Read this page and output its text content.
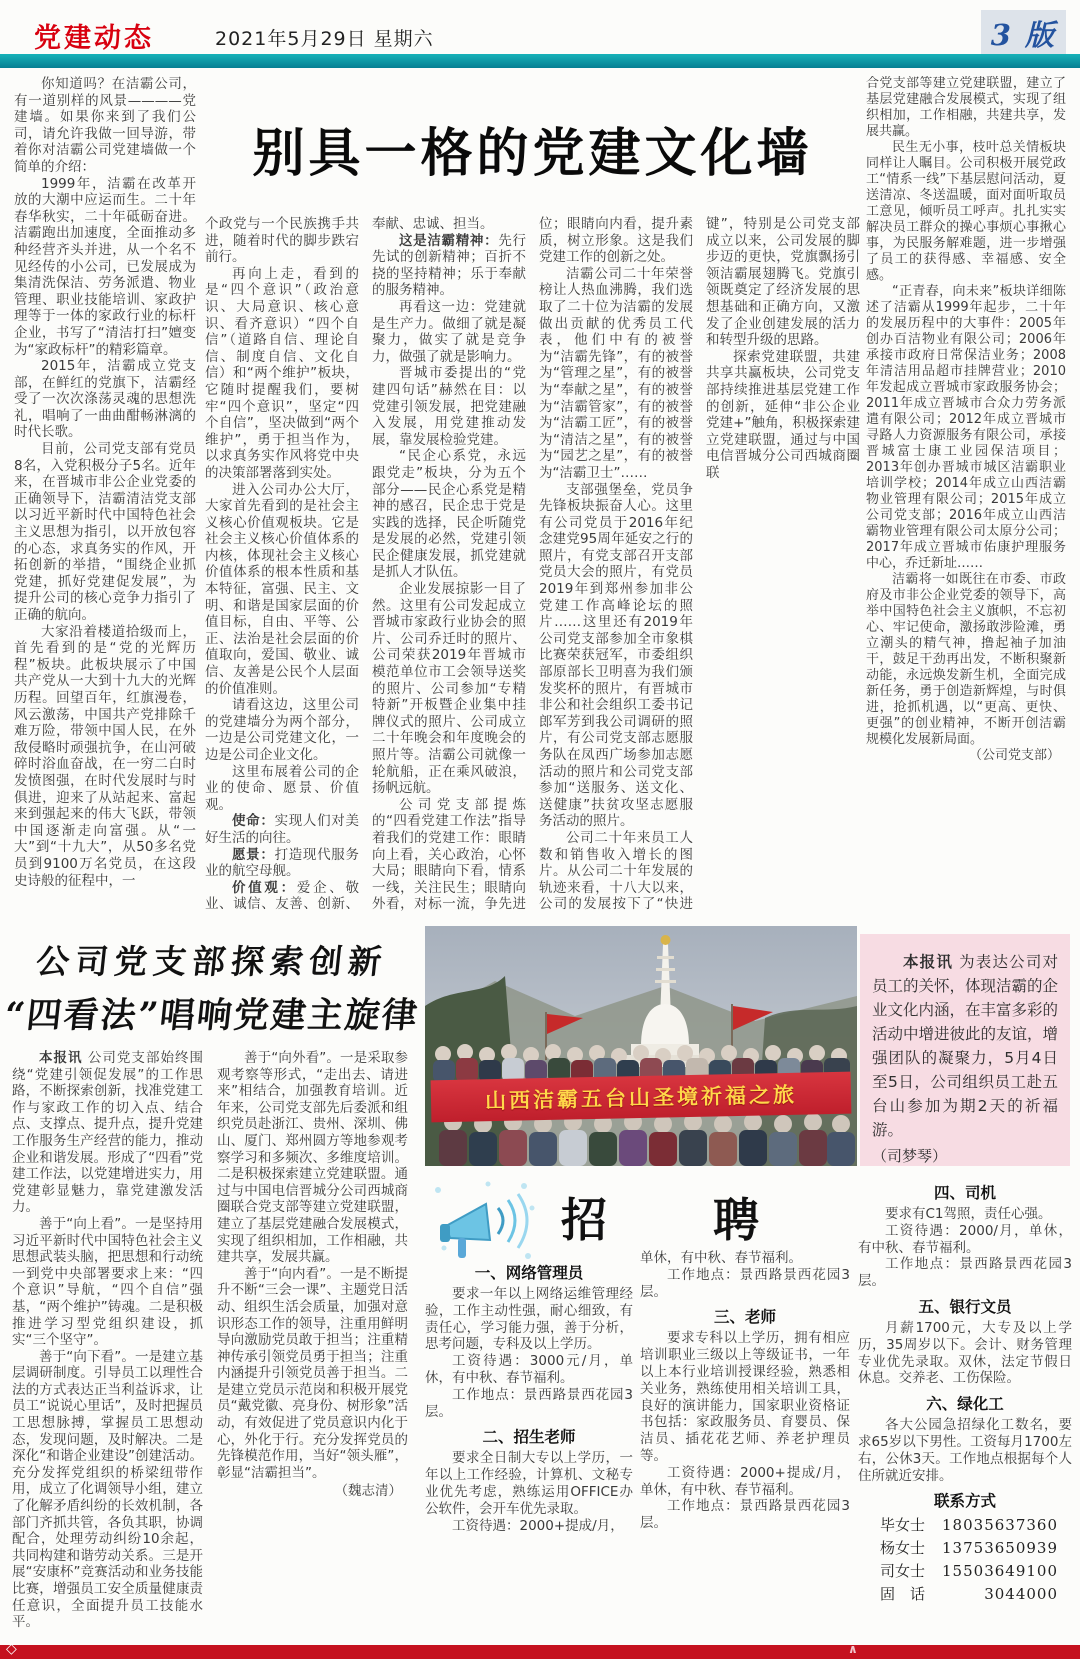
党建动态	2021年5月29日 星期六	3 版

你知道吗？在洁霸公司，有一道别样的风景————党建墙。如果你来到了我们公司，请允许我做一回导游，带着你对洁霸公司党建墙做一个简单的介绍：

1999年，洁霸在改革开放的大潮中应运而生。二十年春华秋实，二十年砥砺奋进。洁霸跑出加速度，全面推动多种经营齐头并进，从一个名不见经传的小公司，已发展成为集清洗保洁、劳务派遣、物业管理、职业技能培训、家政护理等于一体的家政行业的标杆企业，书写了“清洁打扫”嬗变为“家政标杆”的精彩篇章。

2015年，洁霸成立党支部，在鲜红的党旗下，洁霸经受了一次次涤荡灵魂的思想洗礼，唱响了一曲曲酣畅淋漓的时代长歌。

目前，公司党支部有党员8名，入党积极分子5名。近年来，在晋城市非公企业党委的正确领导下，洁霸清洁党支部以习近平新时代中国特色社会主义思想为指引，以开放包容的心态，求真务实的作风，开拓创新的举措，“围绕企业抓党建，抓好党建促发展”，为提升公司的核心竞争力指引了正确的航向。

大家沿着楼道拾级而上，首先看到的是“党的光辉历程”板块。此板块展示了中国共产党从一大到十九大的光辉历程。回望百年，红旗漫卷，风云激荡，中国共产党排除千难万险，带领中国人民，在外敌侵略时顽强抗争，在山河破碎时浴血奋战，在一穷二白时发愤图强，在时代发展时与时俱进，迎来了从站起来、富起来到强起来的伟大飞跃，带领中国逐渐走向富强。从“一大”到“十九大”，从50多名党员到9100万名党员，在这段史诗般的征程中，一

别具一格的党建文化墙

个政党与一个民族携手共进，随着时代的脚步跌宕前行。

再向上走，看到的是“四个意识”（政治意识、大局意识、核心意识、看齐意识）“四个自信”（道路自信、理论自信、制度自信、文化自信）和“两个维护”板块，它随时提醒我们，要树牢“四个意识”，坚定“四个自信”，坚决做到“两个维护”，勇于担当作为，以求真务实作风将党中央的决策部署落到实处。

进入公司办公大厅，大家首先看到的是社会主义核心价值观板块。它是社会主义核心价值体系的内核，体现社会主义核心价值体系的根本性质和基本特征，富强、民主、文明、和谐是国家层面的价值目标，自由、平等、公正、法治是社会层面的价值取向，爱国、敬业、诚信、友善是公民个人层面的价值准则。

请看这边，这里公司的党建墙分为两个部分，一边是公司党建文化，一边是公司企业文化。

这里布展着公司的企业的使命、愿景、价值观。

使命：实现人们对美好生活的向往。

愿景：打造现代服务业的航空母舰。

价值观：爱企、敬业、诚信、友善、创新、奉献、忠诚、担当。

这是洁霸精神：先行先试的创新精神；百折不挠的坚持精神；乐于奉献的服务精神。

再看这一边：党建就是生产力。做细了就是凝聚力，做实了就是竞争力，做强了就是影响力。

晋城市委提出的“党建四句话”赫然在目：以党建引领发展，把党建融入发展，用党建推动发展，靠发展检验党建。

“民企心系党，永远跟党走”板块，分为五个部分——民企心系党是精神的感召，民企忠于党是实践的选择，民企听随党是发展的必然，党建引领民企健康发展，抓党建就是抓人才队伍。

企业发展掠影一目了然。这里有公司发起成立晋城市家政行业协会的照片、公司乔迁时的照片、公司荣获2019年晋城市模范单位市工会领导送奖的照片、公司参加“专精特新”开板暨企业集中挂牌仪式的照片、公司成立二十年晚会和年度晚会的照片等。洁霸公司就像一轮航船，正在乘风破浪，扬帆远航。

公司党支部提炼的“四看党建工作法”指导着我们的党建工作：眼睛向上看，关心政治，心怀大局；眼睛向下看，情系一线，关注民生；眼睛向外看，对标一流，争先进位；眼睛向内看，提升素质，树立形象。这是我们党建工作的创新之处。

洁霸公司二十年荣誉榜让人热血沸腾，我们选取了二十位为洁霸的发展做出贡献的优秀员工代表，他们中有的被誉为“洁霸先锋”，有的被誉为“管理之星”，有的被誉为“奉献之星”，有的被誉为“洁霸管家”，有的被誉为“洁霸工匠”，有的被誉为“清洁之星”，有的被誉为“园艺之星”，有的被誉为“洁霸卫士”……

支部强堡垒，党员争先锋板块振奋人心。这里有公司党员于2016年纪念建党95周年延安之行的照片，有党支部召开支部党员大会的照片，有党员2019年到郑州参加非公党建工作高峰论坛的照片……这里还有2019年公司党支部参加全市象棋比赛荣获冠军，市委组织部原部长卫明喜为我们颁发奖杯的照片，有晋城市非公和社会组织工委书记郎军芳到我公司调研的照片，有公司党支部志愿服务队在凤西广场参加志愿活动的照片和公司党支部参加“送服务、送文化、送健康”扶贫攻坚志愿服务活动的照片。

公司二十年来员工人数和销售收入增长的图片。从公司二十年发展的轨迹来看，十八大以来，公司的发展按下了“快进键”，特别是公司党支部成立以来，公司发展的脚步迈的更快，党旗飘扬引领洁霸展翅腾飞。党旗引领既奠定了经济发展的思想基础和正确方向，又激发了企业创建发展的活力和转型升级的思路。

探索党建联盟，共建共享共赢板块，公司党支部持续推进基层党建工作的创新，延伸“非公企业党建+”触角，积极探索建立党建联盟，通过与中国电信晋城分公司西城商圈联

合党支部等建立党建联盟，建立了基层党建融合发展模式，实现了组织相加，工作相融，共建共享，发展共赢。

民生无小事，枝叶总关情板块同样让人瞩目。公司积极开展党政工“情系一线”下基层慰问活动，夏送清凉、冬送温暖，面对面听取员工意见，倾听员工呼声。扎扎实实解决员工群众的操心事烦心事揪心事，为民服务解难题，进一步增强了员工的获得感、幸福感、安全感。

“正青春，向未来”板块详细陈述了洁霸从1999年起步，二十年的发展历程中的大事件：2005年创办百洁物业有限公司；2006年承接市政府日常保洁业务；2008年清洁用品超市挂牌营业；2010年发起成立晋城市家政服务协会；2011年成立晋城市合众力劳务派遣有限公司；2012年成立晋城市寻路人力资源服务有限公司，承接晋城富士康工业园保洁项目；2013年创办晋城市城区洁霸职业培训学校；2014年成立山西洁霸物业管理有限公司；2015年成立公司党支部；2016年成立山西洁霸物业管理有限公司太原分公司；2017年成立晋城市佑康护理服务中心，乔迁新址……

洁霸将一如既往在市委、市政府及市非公企业党委的领导下，高举中国特色社会主义旗帜，不忘初心、牢记使命，激扬敢涉险滩，勇立潮头的精气神，撸起袖子加油干，鼓足干劲再出发，不断积聚新动能，永远焕发新生机，全面完成新任务，勇于创造新辉煌，与时俱进，抢抓机遇，以“更高、更快、更强”的创业精神，不断开创洁霸规模化发展新局面。

（公司党支部）

公司党支部探索创新
“四看法”唱响党建主旋律

本报讯 公司党支部始终围绕“党建引领促发展”的工作思路，不断探索创新，找准党建工作与家政工作的切入点、结合点、支撑点、提升点，提升党建工作服务生产经营的能力，推动企业和谐发展。形成了“四看”党建工作法，以党建增进实力，用党建彰显魅力，靠党建激发活力。

善于“向上看”。一是坚持用习近平新时代中国特色社会主义思想武装头脑，把思想和行动统一到党中央部署要求上来：“四个意识”导航，“四个自信”强基，“两个维护”铸魂。二是积极推进学习型党组织建设，抓实“三个坚守”。

善于“向下看”。一是建立基层调研制度。引导员工以理性合法的方式表达正当利益诉求，让员工“说说心里话”，及时把握员工思想脉搏，掌握员工思想动态，发现问题，及时解决。二是深化“和谐企业建设”创建活动。充分发挥党组织的桥梁纽带作用，成立了化调领导小组，建立了化解矛盾纠纷的长效机制，各部门齐抓共管，各负其职，协调配合，处理劳动纠纷10余起，共同构建和谐劳动关系。三是开展“安康杯”竞赛活动和业务技能比赛，增强员工安全质量健康责任意识，全面提升员工技能水平。

善于“向外看”。一是采取参观考察等形式，“走出去、请进来”相结合，加强教育培训。近年来，公司党支部先后委派和组织党员赴浙江、贵州、深圳、佛山、厦门、郑州圆方等地参观考察学习和多频次、多维度培训。二是积极探索建立党建联盟。通过与中国电信晋城分公司西城商圈联合党支部等建立党建联盟，建立了基层党建融合发展模式，实现了组织相加，工作相融，共建共享，发展共赢。

善于“向内看”。一是不断提升不断“三会一课”、主题党日活动、组织生活会质量，加强对意识形态工作的领导，注重用鲜明导向激励党员敢于担当；注重精神传承引领党员勇于担当；注重内涵提升引领党员善于担当。二是建立党员示范岗和积极开展党员“戴党徽、亮身份、树形象”活动，有效促进了党员意识内化于心，外化于行。充分发挥党员的先锋模范作用，当好“领头雁”，彰显“洁霸担当”。

（魏志清）

山西洁霸五台山圣境祈福之旅

本报讯 为表达公司对员工的关怀，体现洁霸的企业文化内涵，在丰富多彩的活动中增进彼此的友谊，增强团队的凝聚力，5月4日至5日，公司组织员工赴五台山参加为期2天的祈福游。

（司梦琴）

招　聘
一、网络管理员

要求一年以上网络运维管理经验，工作主动性强，耐心细致，有责任心，学习能力强，善于分析，思考问题，专科及以上学历。

工资待遇：3000元/月，单休，有中秋、春节福利。

工作地点：景西路景西花园3层。

二、招生老师

要求全日制大专以上学历，一年以上工作经验，计算机、文秘专业优先考虑，熟练运用OFFICE办公软件，会开车优先录取。

工资待遇：2000+提成/月，

单休，有中秋、春节福利。

工作地点：景西路景西花园3层。

三、老师

要求专科以上学历，拥有相应培训职业三级以上等级证书，一年以上本行业培训授课经验，熟悉相关业务，熟练使用相关培训工具，良好的演讲能力，国家职业资格证书包括：家政服务员、育婴员、保洁员、插花花艺师、养老护理员等。

工资待遇：2000+提成/月，单休，有中秋、春节福利。

工作地点：景西路景西花园3层。

四、司机

要求有C1驾照，责任心强。

工资待遇：2000/月，单休，有中秋、春节福利。

工作地点：景西路景西花园3层。

五、银行文员

月薪1700元，大专及以上学历，35周岁以下。会计、财务管理专业优先录取。双休，法定节假日休息。交养老、工伤保险。

六、绿化工

各大公园急招绿化工数名，要求65岁以下男性。工资每月1700左右，公休3天。工作地点根据每个人住所就近安排。

联系方式
毕女士 18035637360
杨女士 13753650939
司女士 15503649100
固　话	3044000
◇	∧
